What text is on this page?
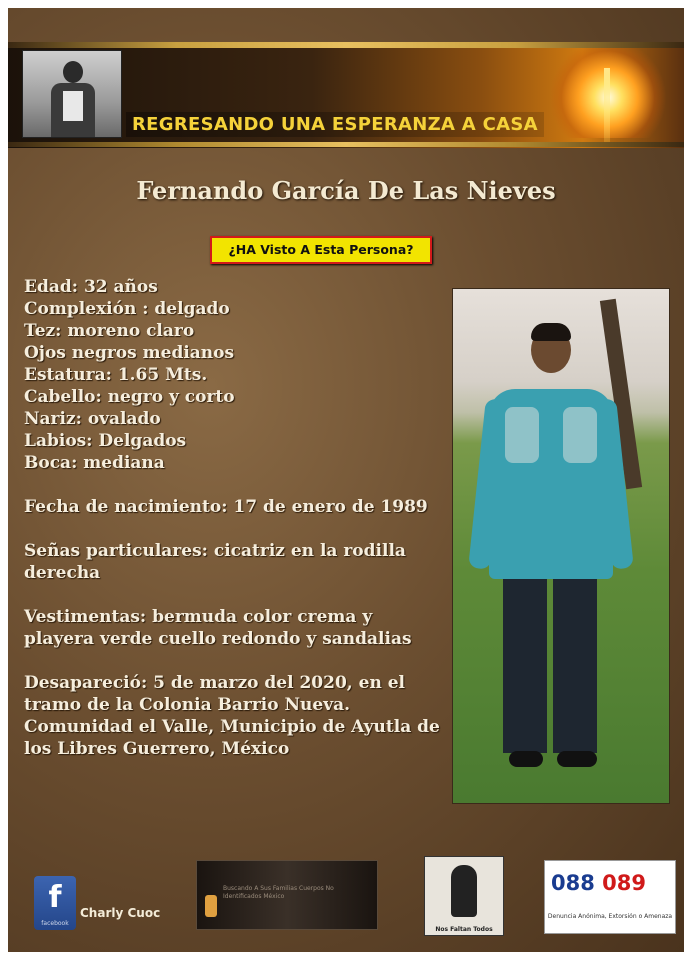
REGRESANDO UNA ESPERANZA A CASA
Fernando García De Las Nieves
¿HA Visto A Esta Persona?
Edad: 32 años
Complexión : delgado
Tez: moreno claro
Ojos negros medianos
Estatura: 1.65 Mts.
Cabello: negro y corto
Nariz: ovalado
Labios: Delgados
Boca: mediana
Fecha de nacimiento: 17 de enero de 1989
Señas particulares: cicatriz en la rodilla derecha
Vestimentas: bermuda color crema y playera verde cuello redondo y sandalias
Desapareció: 5 de marzo del 2020, en el tramo de la Colonia Barrio Nueva. Comunidad el Valle, Municipio de Ayutla de los Libres Guerrero, México
f
facebook
Charly Cuoc
Buscando A Sus Familias Cuerpos No Identificados México
Nos Faltan Todos
088 089
Denuncia Anónima, Extorsión o Amenaza
